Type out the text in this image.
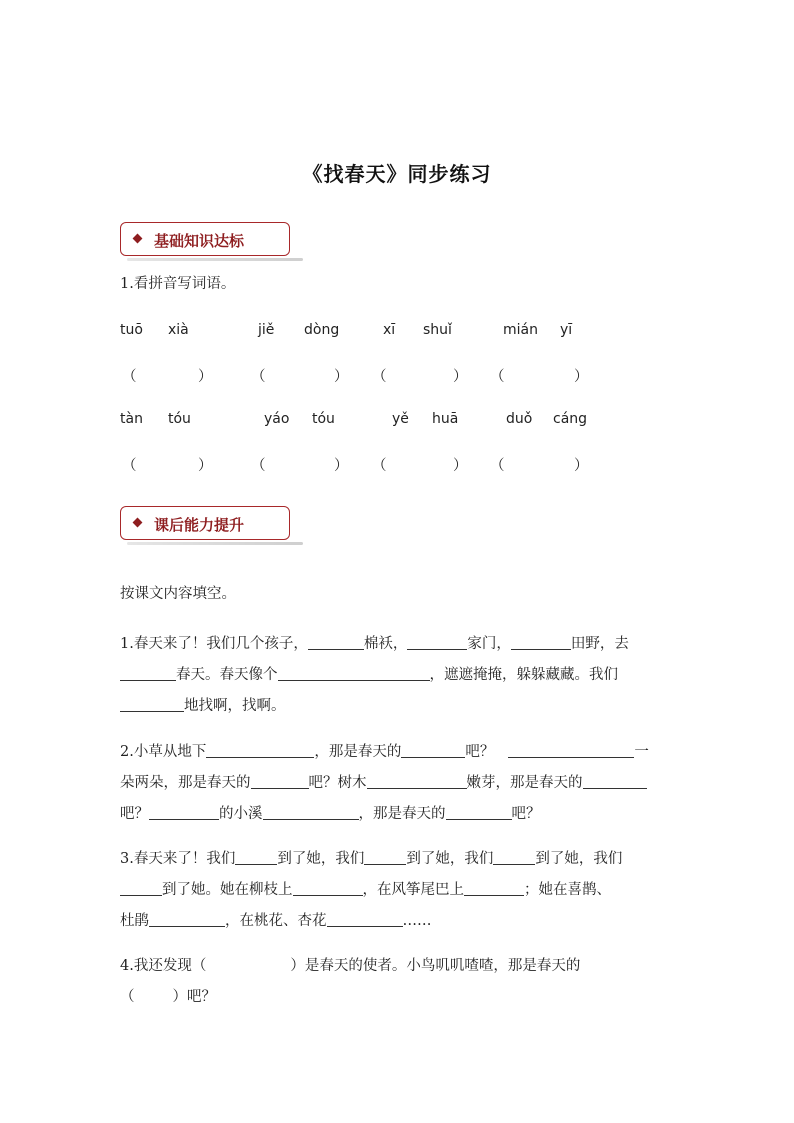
《找春天》同步练习
基础知识达标
1.看拼音写词语。
tuō xià	jiě dòng	xī shuǐ	mián yī
（	）	（	） （	） （	）
tàn tóu	yáo tóu	yě huā	duǒ cáng
（	）	（	） （	） （	）
课后能力提升
按课文内容填空。
1.春天来了！我们几个孩子，	棉袄，	家门，	田野，去
春天。春天像个	，遮遮掩掩，躲躲藏藏。我们
地找啊，找啊。
2.小草从地下	，那是春天的	吧？	一
朵两朵，那是春天的	吧？树木	嫩芽，那是春天的
吧？	的小溪	，那是春天的	吧？
3.春天来了！我们	到了她，我们	到了她，我们	到了她，我们
到了她。她在柳枝上	，在风筝尾巴上	；她在喜鹊、
杜鹃	，在桃花、杏花	……
4.我还发现（	）是春天的使者。小鸟叽叽喳喳，那是春天的
（	）吧？
